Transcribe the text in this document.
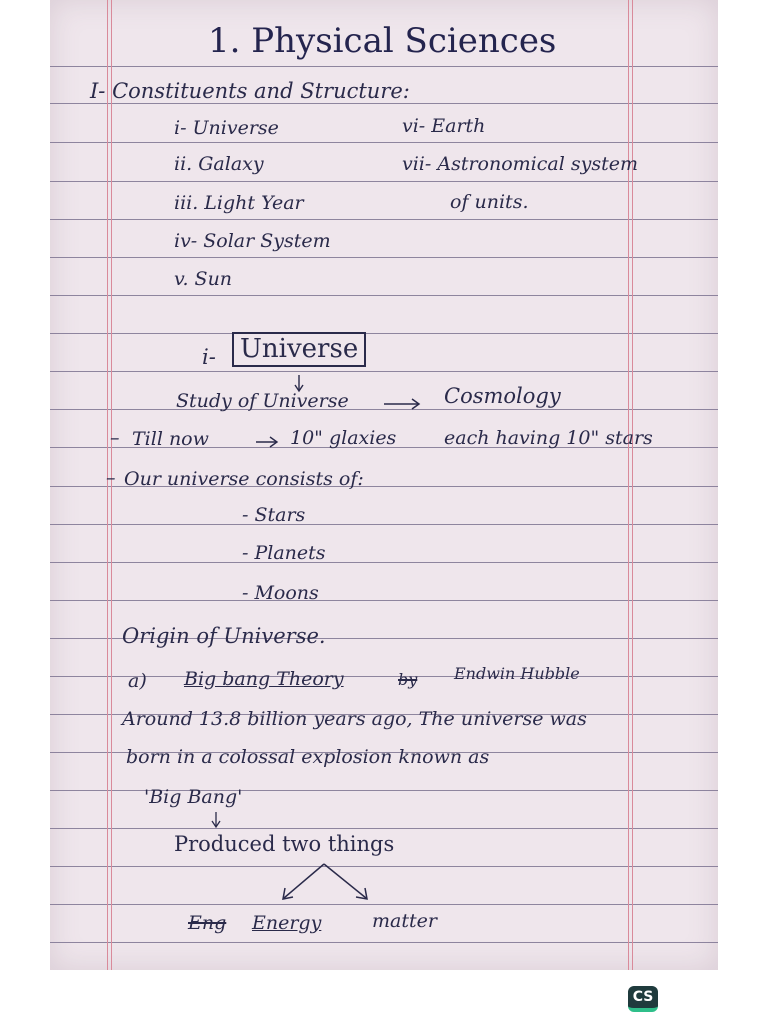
1. Physical Sciences

I- Constituents and Structure:

i- Universe

ii. Galaxy

iii. Light Year

iv- Solar System

v. Sun

vi- Earth

vii- Astronomical system

of units.

i- Universe

Study of Universe	Cosmology

– Till now	10" glaxies	each having 10" stars

– Our universe consists of:

- Stars

- Planets

- Moons

Origin of Universe.

a) Big bang Theory	by Endwin Hubble

Around 13.8 billion years ago, The universe was

born in a colossal explosion known as

'Big Bang'

Produced two things

Eng Energy	matter

CS
